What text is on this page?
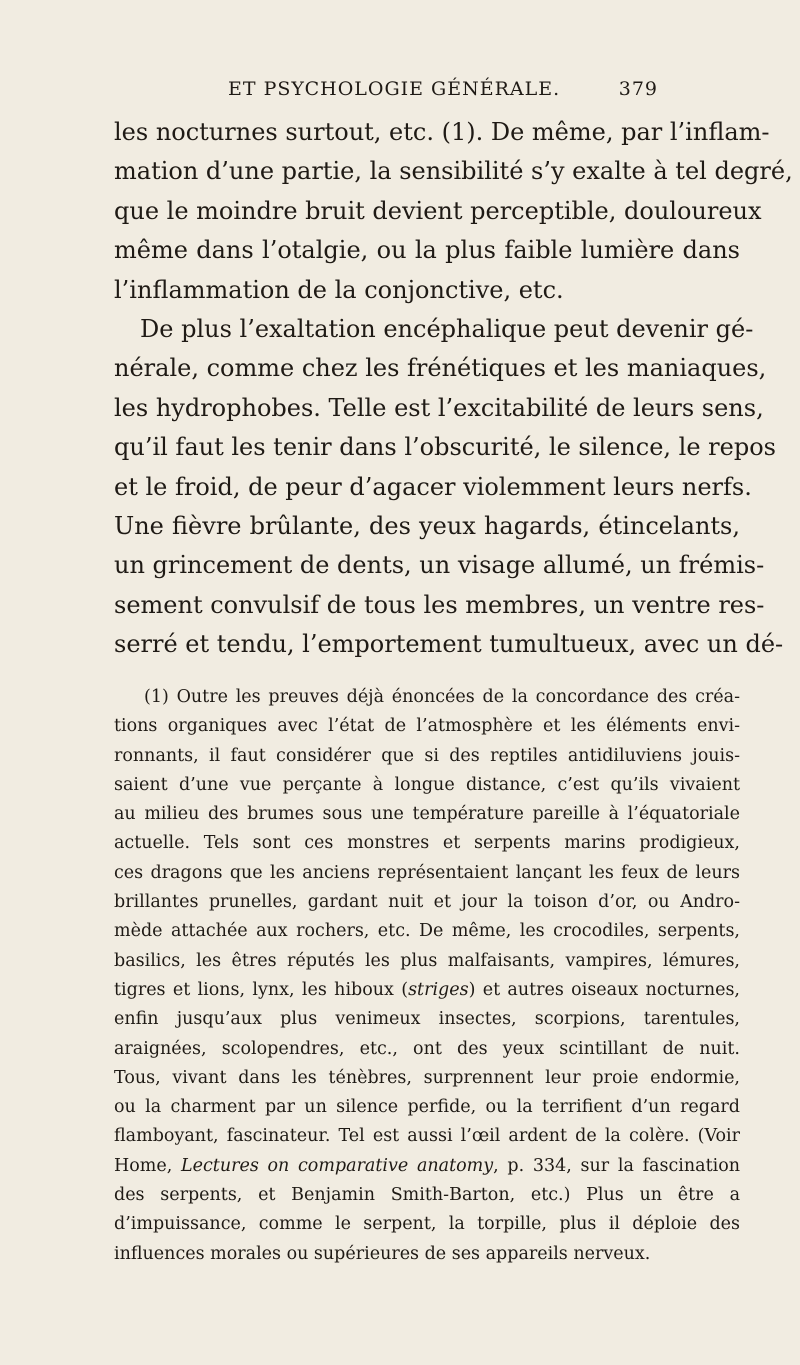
ET PSYCHOLOGIE GÉNÉRALE.	379
les nocturnes surtout, etc. (1). De même, par l’inflam-
mation d’une partie, la sensibilité s’y exalte à tel degré,
que le moindre bruit devient perceptible, douloureux
même dans l’otalgie, ou la plus faible lumière dans
l’inflammation de la conjonctive, etc.
De plus l’exaltation encéphalique peut devenir gé-
nérale, comme chez les frénétiques et les maniaques,
les hydrophobes. Telle est l’excitabilité de leurs sens,
qu’il faut les tenir dans l’obscurité, le silence, le repos
et le froid, de peur d’agacer violemment leurs nerfs.
Une fièvre brûlante, des yeux hagards, étincelants,
un grincement de dents, un visage allumé, un frémis-
sement convulsif de tous les membres, un ventre res-
serré et tendu, l’emportement tumultueux, avec un dé-
(1) Outre les preuves déjà énoncées de la concordance des créa-
tions organiques avec l’état de l’atmosphère et les éléments envi-
ronnants, il faut considérer que si des reptiles antidiluviens jouis-
saient d’une vue perçante à longue distance, c’est qu’ils vivaient
au milieu des brumes sous une température pareille à l’équatoriale
actuelle. Tels sont ces monstres et serpents marins prodigieux,
ces dragons que les anciens représentaient lançant les feux de leurs
brillantes prunelles, gardant nuit et jour la toison d’or, ou Andro-
mède attachée aux rochers, etc. De même, les crocodiles, serpents,
basilics, les êtres réputés les plus malfaisants, vampires, lémures,
tigres et lions, lynx, les hiboux (striges) et autres oiseaux nocturnes,
enfin jusqu’aux plus venimeux insectes, scorpions, tarentules,
araignées, scolopendres, etc., ont des yeux scintillant de nuit.
Tous, vivant dans les ténèbres, surprennent leur proie endormie,
ou la charment par un silence perfide, ou la terrifient d’un regard
flamboyant, fascinateur. Tel est aussi l’œil ardent de la colère. (Voir
Home, Lectures on comparative anatomy, p. 334, sur la fascination
des serpents, et Benjamin Smith-Barton, etc.) Plus un être a
d’impuissance, comme le serpent, la torpille, plus il déploie des
influences morales ou supérieures de ses appareils nerveux.
